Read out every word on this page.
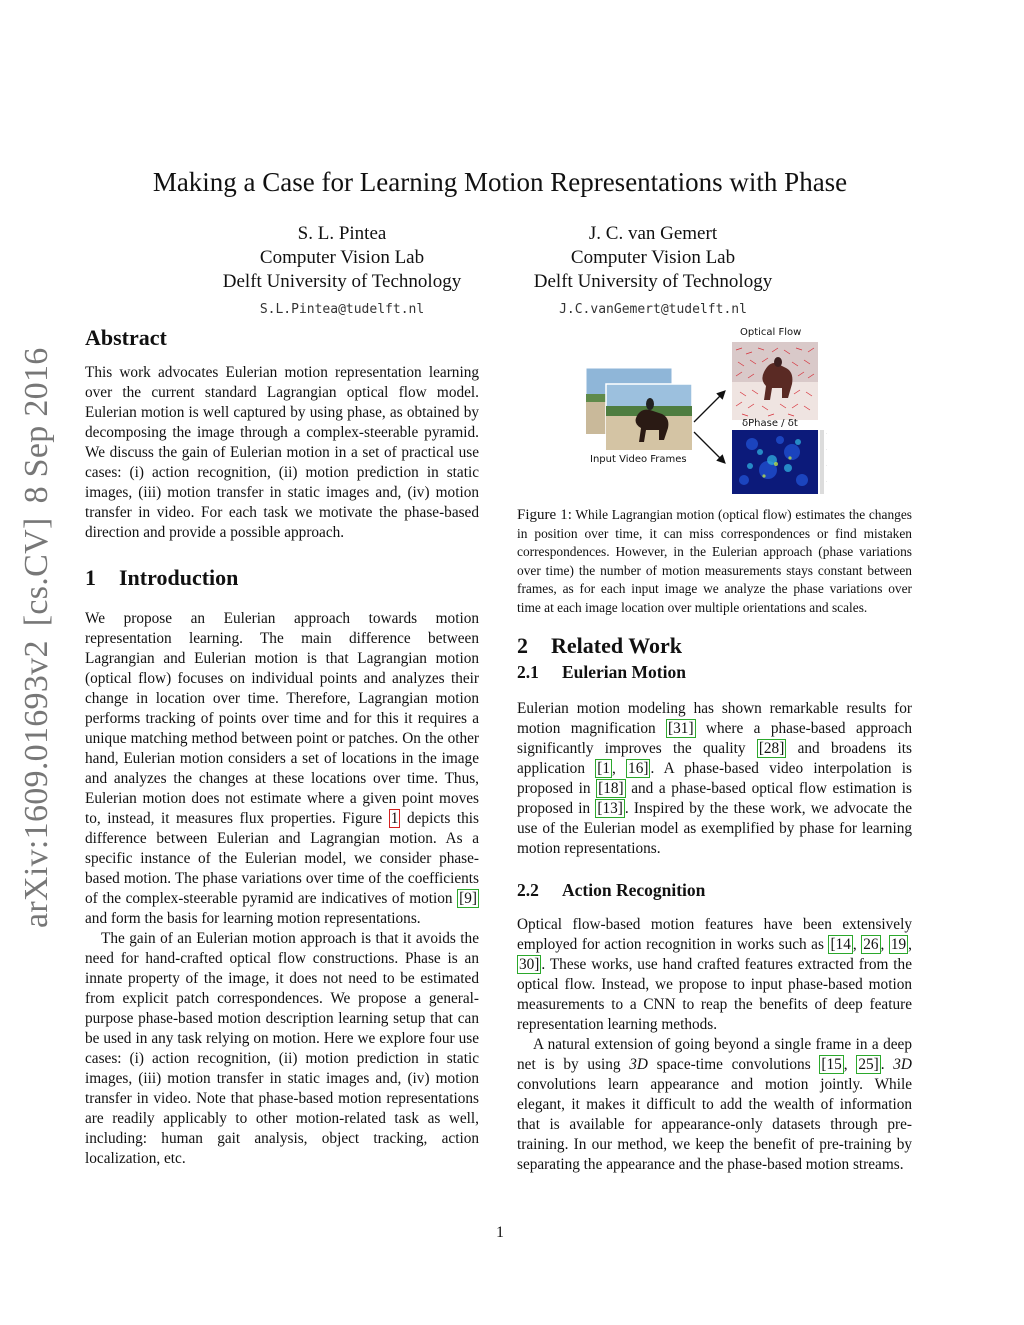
Making a Case for Learning Motion Representations with Phase
S. L. Pintea
Computer Vision Lab
Delft University of Technology
S.L.Pintea@tudelft.nl
J. C. van Gemert
Computer Vision Lab
Delft University of Technology
J.C.vanGemert@tudelft.nl
arXiv:1609.01693v2[cs.CV]8 Sep 2016
Abstract

This work advocates Eulerian motion representation learning over the current standard Lagrangian optical flow model. Eulerian motion is well captured by using phase, as obtained by decomposing the image through a complex-steerable pyramid. We discuss the gain of Eulerian motion in a set of practical use cases: (i) action recognition, (ii) motion prediction in static images, (iii) motion transfer in static images and, (iv) motion transfer in video. For each task we motivate the phase-based direction and provide a possible approach.

1 Introduction

We propose an Eulerian approach towards motion representation learning. The main difference between Lagrangian and Eulerian motion is that Lagrangian motion (optical flow) focuses on individual points and analyzes their change in location over time. Therefore, Lagrangian motion performs tracking of points over time and for this it requires a unique matching method between point or patches. On the other hand, Eulerian motion considers a set of locations in the image and analyzes the changes at these locations over time. Thus, Eulerian motion does not estimate where a given point moves to, instead, it measures flux properties. Figure 1 depicts this difference between Eulerian and Lagrangian motion. As a specific instance of the Eulerian model, we consider phase-based motion. The phase variations over time of the coefficients of the complex-steerable pyramid are indicatives of motion [9] and form the basis for learning motion representations.

The gain of an Eulerian motion approach is that it avoids the need for hand-crafted optical flow constructions. Phase is an innate property of the image, it does not need to be estimated from explicit patch correspondences. We propose a general-purpose phase-based motion description learning setup that can be used in any task relying on motion. Here we explore four use cases: (i) action recognition, (ii) motion prediction in static images, (iii) motion transfer in static images and, (iv) motion transfer in video. Note that phase-based motion representations are readily applicably to other motion-related task as well, including: human gait analysis, object tracking, action localization, etc.

Optical Flow
Input Video Frames
δPhase / δt
.
.
.
.
Figure 1: While Lagrangian motion (optical flow) estimates the changes in position over time, it can miss correspondences or find mistaken correspondences. However, in the Eulerian approach (phase variations over time) the number of motion measurements stays constant between frames, as for each input image we analyze the phase variations over time at each image location over multiple orientations and scales.
2 Related Work
2.1 Eulerian Motion

Eulerian motion modeling has shown remarkable results for motion magnification [31] where a phase-based approach significantly improves the quality [28] and broadens its application [1 , 16] . A phase-based video interpolation is proposed in [18] and a phase-based optical flow estimation is proposed in [13] . Inspired by the these work, we advocate the use of the Eulerian model as exemplified by phase for learning motion representations.

2.2 Action Recognition

Optical flow-based motion features have been extensively employed for action recognition in works such as [14 , 26 , 19 , 30] . These works, use hand crafted features extracted from the optical flow. Instead, we propose to input phase-based motion measurements to a CNN to reap the benefits of deep feature representation learning methods.

A natural extension of going beyond a single frame in a deep net is by using 3D space-time convolutions [15 , 25] . 3D convolutions learn appearance and motion jointly. While elegant, it makes it difficult to add the wealth of information that is available for appearance-only datasets through pre-training. In our method, we keep the benefit of pre-training by separating the appearance and the phase-based motion streams.

1
